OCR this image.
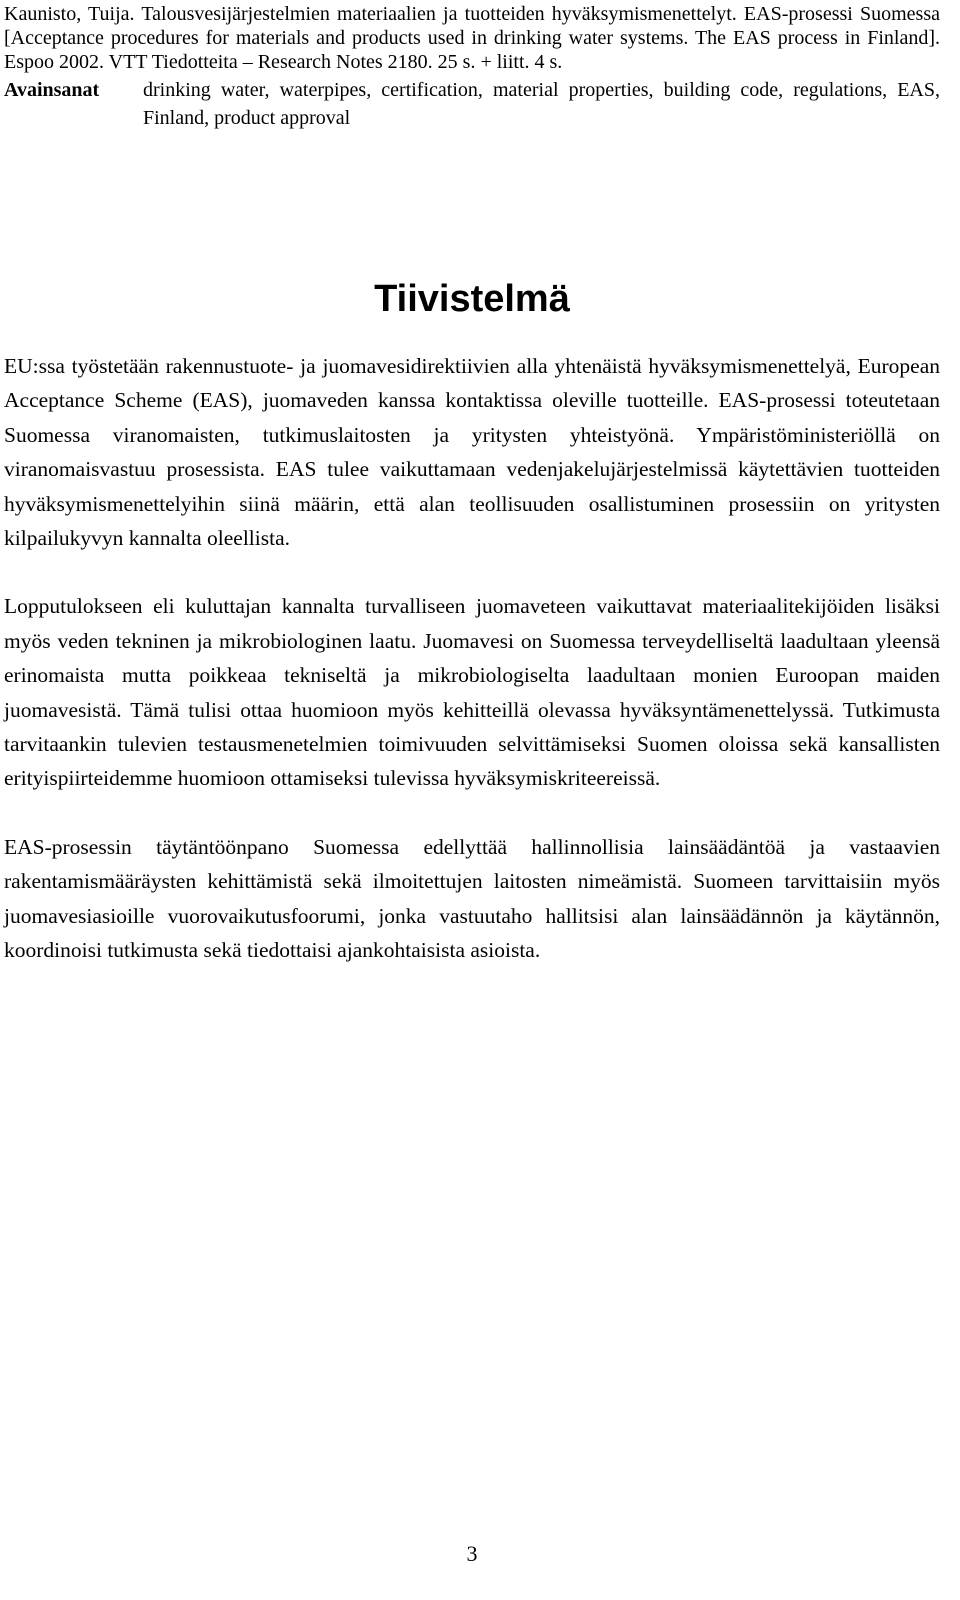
Kaunisto, Tuija. Talousvesijärjestelmien materiaalien ja tuotteiden hyväksymismenettelyt. EAS-prosessi Suomessa [Acceptance procedures for materials and products used in drinking water systems. The EAS process in Finland]. Espoo 2002. VTT Tiedotteita – Research Notes 2180. 25 s. + liitt. 4 s.

Avainsanat	drinking water, waterpipes, certification, material properties, building code, regulations, EAS, Finland, product approval
Tiivistelmä

EU:ssa työstetään rakennustuote- ja juomavesidirektiivien alla yhtenäistä hyväksymismenettelyä, European Acceptance Scheme (EAS), juomaveden kanssa kontaktissa oleville tuotteille. EAS-prosessi toteutetaan Suomessa viranomaisten, tutkimuslaitosten ja yritysten yhteistyönä. Ympäristöministeriöllä on viranomaisvastuu prosessista. EAS tulee vaikuttamaan vedenjakelujärjestelmissä käytettävien tuotteiden hyväksymismenettelyihin siinä määrin, että alan teollisuuden osallistuminen prosessiin on yritysten kilpailukyvyn kannalta oleellista.

Lopputulokseen eli kuluttajan kannalta turvalliseen juomaveteen vaikuttavat materiaalitekijöiden lisäksi myös veden tekninen ja mikrobiologinen laatu. Juomavesi on Suomessa terveydelliseltä laadultaan yleensä erinomaista mutta poikkeaa tekniseltä ja mikrobiologiselta laadultaan monien Euroopan maiden juomavesistä. Tämä tulisi ottaa huomioon myös kehitteillä olevassa hyväksyntämenettelyssä. Tutkimusta tarvitaankin tulevien testausmenetelmien toimivuuden selvittämiseksi Suomen oloissa sekä kansallisten erityispiirteidemme huomioon ottamiseksi tulevissa hyväksymiskriteereissä.

EAS-prosessin täytäntöönpano Suomessa edellyttää hallinnollisia lainsäädäntöä ja vastaavien rakentamismääräysten kehittämistä sekä ilmoitettujen laitosten nimeämistä. Suomeen tarvittaisiin myös juomavesiasioille vuorovaikutusfoorumi, jonka vastuutaho hallitsisi alan lainsäädännön ja käytännön, koordinoisi tutkimusta sekä tiedottaisi ajankohtaisista asioista.

3
